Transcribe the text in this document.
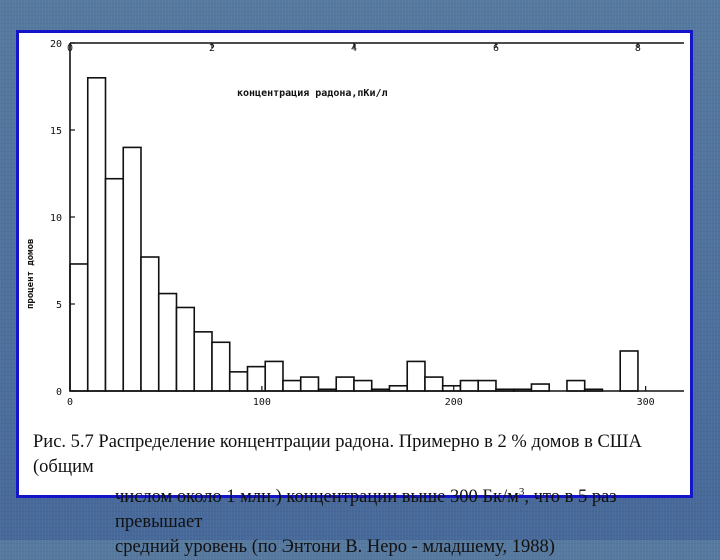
0
5
10
15
20
0	100	200	300
0	2	4	6	8
концентрация радона,пКи/л
процент домов
Рис. 5.7 Распределение концентрации радона. Примерно в 2 % домов в США (общим
числом около 1 млн.) концентрации выше 300 $Бк/м^3$, что в 5 раз превышает
средний уровень (по Энтони В. Неро - младшему, 1988)
